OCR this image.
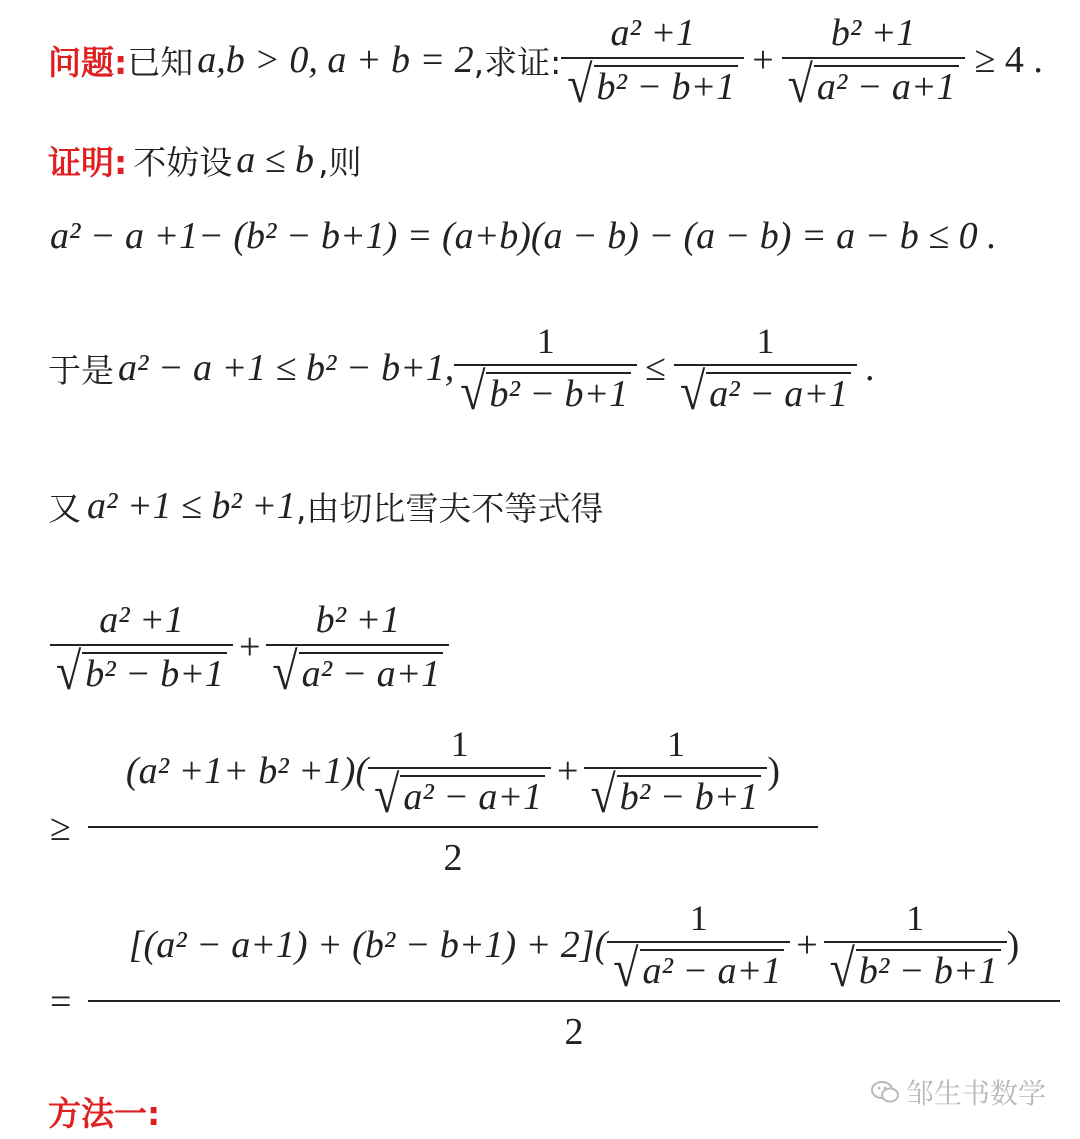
问题: 已知 a,b > 0, a + b = 2 ,求证: $\frac{\text{a² +1}}{\text{√ b² − b+1}} + \frac{\text{b² +1}}{\text{√ a² − a+1}} \ge 4$ .
证明: 不妨设 a ≤ b ,则
a² − a +1− (b² − b+1) = (a+b)(a − b) − (a − b) = a − b ≤ 0 .
于是 a² − a +1 ≤ b² − b+1, $\frac{1}{\text{√ b² − b+1}} \le \frac{1}{\text{√ a² − a+1}}$ .
又 a² +1 ≤ b² +1 ,由切比雪夫不等式得
$\frac{\text{a² +1}}{\text{√ b² − b+1}} + \frac{\text{b² +1}}{\text{√ a² − a+1}}$
≥
$(a^2 +1+ b^2 +1)( \frac{1}{\text{√ a² − a+1}} + \frac{1}{\text{√ b² − b+1}}$ )
2
=
$[(a^2 - a+1) + (b^2 - b+1) + 2]( \frac{1}{\text{√ a² − a+1}} + \frac{1}{\text{√ b² − b+1}}$ )
2
方法一:
邹生书数学
